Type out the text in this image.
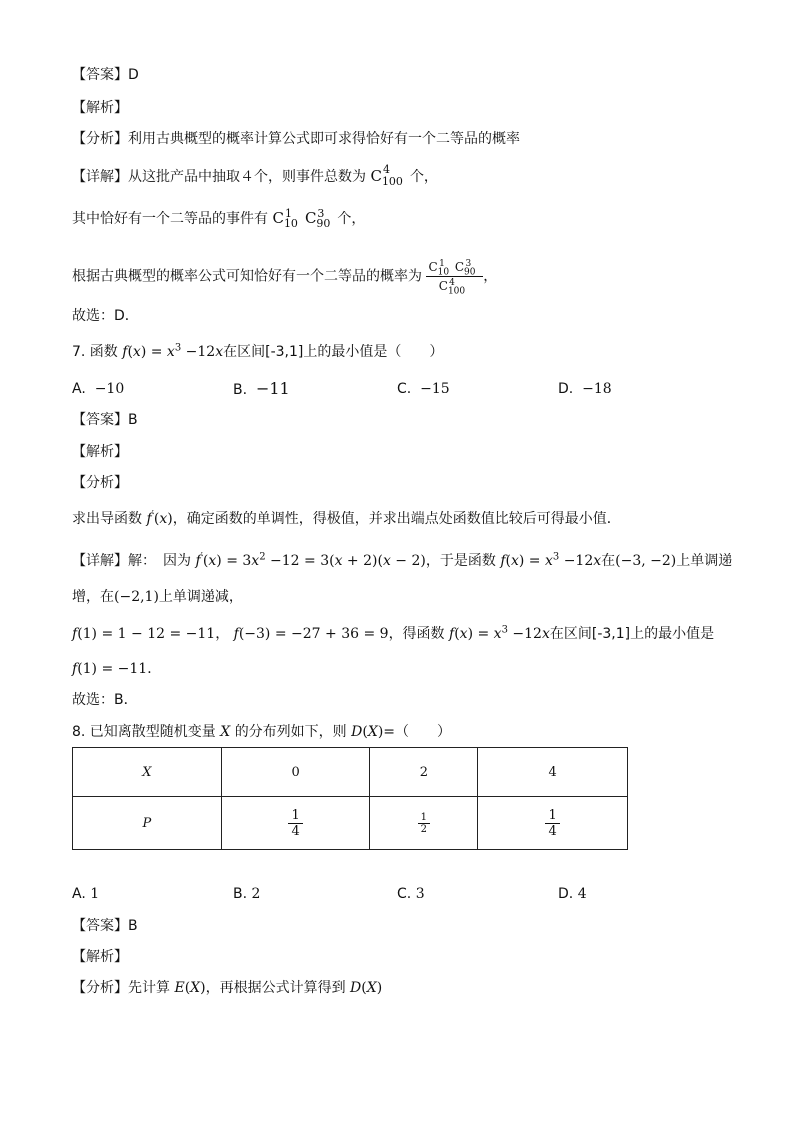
【答案】D
【解析】
【分析】利用古典概型的概率计算公式即可求得恰好有一个二等品的概率
【详解】从这批产品中抽取４个，则事件总数为 $C_{100}^4$ 个，
其中恰好有一个二等品的事件有 $C_{10}^1$ $C_{90}^3$ 个，
根据古典概型的概率公式可知恰好有一个二等品的概率为 $\frac{C_{10}^1 C_{90}^3}{C_{100}^4}$ ，
故选：D．
7. 函数 $f(x) = x^3 -12x$在区间[-3,1]上的最小值是（　　）
A. −10	B. −11	C. −15	D. −18
【答案】B
【解析】
【分析】
求出导函数 f′(x)，确定函数的单调性，得极值，并求出端点处函数值比较后可得最小值．
【详解】解：　因为 $f'(x) = 3x^2 -12 = 3(x + 2)(x - 2)$，于是函数 $f(x) = x^3 -12x$在(−3, −2)上单调递
增，在(−2,1)上单调递减，
f(1) = 1 − 12 = −11， f(−3) = −27 + 36 = 9，得函数 $f(x) = x^3 -12x$在区间[-3,1]上的最小值是
f(1) = −11．
故选：B．
8. 已知离散型随机变量 X 的分布列如下，则 D(X)=（　　）
X	0	2	4
P	$\frac{1}{4}$	$\frac{1}{2}$	$\frac{1}{4}$
A. 1	B. 2	C. 3	D. 4
【答案】B
【解析】
【分析】先计算 E(X)，再根据公式计算得到 D(X)
